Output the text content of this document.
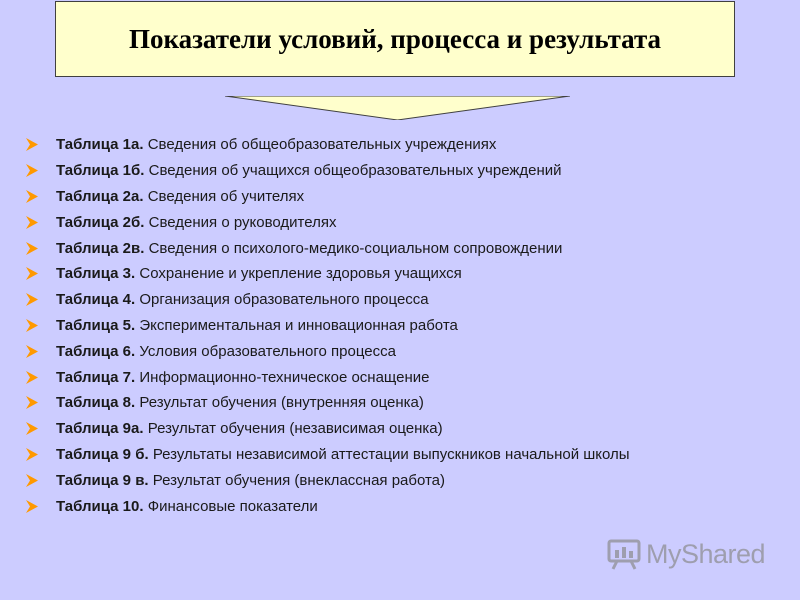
Показатели условий, процесса и результата
Таблица 1а.
Сведения об общеобразовательных учреждениях
Таблица 1б.
Сведения об учащихся общеобразовательных учреждений
Таблица 2а.
Сведения об учителях
Таблица 2б.
Сведения о руководителях
Таблица 2в.
Сведения о психолого-медико-социальном сопровождении
Таблица 3.
Сохранение и укрепление здоровья учащихся
Таблица 4.
Организация образовательного процесса
Таблица 5.
Экспериментальная и инновационная работа
Таблица 6.
Условия образовательного процесса
Таблица 7.
Информационно-техническое оснащение
Таблица 8.
Результат обучения (внутренняя оценка)
Таблица 9а.
Результат обучения (независимая оценка)
Таблица 9 б.
Результаты независимой аттестации выпускников начальной школы
Таблица 9 в.
Результат обучения (внеклассная работа)
Таблица 10.
Финансовые показатели
MyShared
